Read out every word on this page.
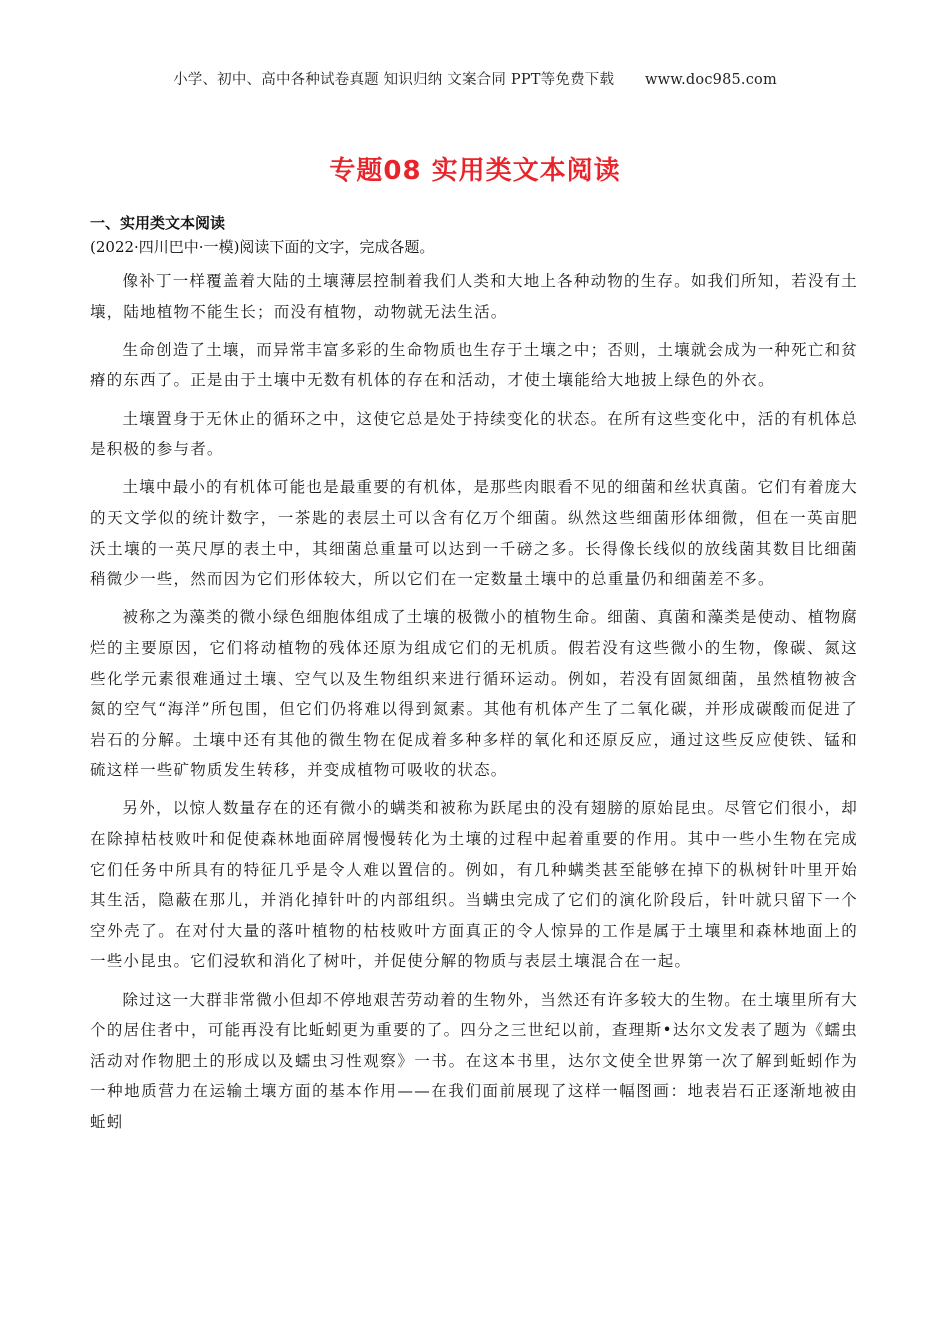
小学、初中、高中各种试卷真题 知识归纳 文案合同 PPT等免费下载 www.doc985.com
专题08 实用类文本阅读
一、实用类文本阅读
(2022·四川巴中·一模)阅读下面的文字，完成各题。

像补丁一样覆盖着大陆的土壤薄层控制着我们人类和大地上各种动物的生存。如我们所知，若没有土壤，陆地植物不能生长；而没有植物，动物就无法生活。

生命创造了土壤，而异常丰富多彩的生命物质也生存于土壤之中；否则，土壤就会成为一种死亡和贫瘠的东西了。正是由于土壤中无数有机体的存在和活动，才使土壤能给大地披上绿色的外衣。

土壤置身于无休止的循环之中，这使它总是处于持续变化的状态。在所有这些变化中，活的有机体总是积极的参与者。

土壤中最小的有机体可能也是最重要的有机体，是那些肉眼看不见的细菌和丝状真菌。它们有着庞大的天文学似的统计数字，一茶匙的表层土可以含有亿万个细菌。纵然这些细菌形体细微，但在一英亩肥沃土壤的一英尺厚的表土中，其细菌总重量可以达到一千磅之多。长得像长线似的放线菌其数目比细菌稍微少一些，然而因为它们形体较大，所以它们在一定数量土壤中的总重量仍和细菌差不多。

被称之为藻类的微小绿色细胞体组成了土壤的极微小的植物生命。细菌、真菌和藻类是使动、植物腐烂的主要原因，它们将动植物的残体还原为组成它们的无机质。假若没有这些微小的生物，像碳、氮这些化学元素很难通过土壤、空气以及生物组织来进行循环运动。例如，若没有固氮细菌，虽然植物被含氮的空气“海洋”所包围，但它们仍将难以得到氮素。其他有机体产生了二氧化碳，并形成碳酸而促进了岩石的分解。土壤中还有其他的微生物在促成着多种多样的氧化和还原反应，通过这些反应使铁、锰和硫这样一些矿物质发生转移，并变成植物可吸收的状态。

另外，以惊人数量存在的还有微小的螨类和被称为跃尾虫的没有翅膀的原始昆虫。尽管它们很小，却在除掉枯枝败叶和促使森林地面碎屑慢慢转化为土壤的过程中起着重要的作用。其中一些小生物在完成它们任务中所具有的特征几乎是令人难以置信的。例如，有几种螨类甚至能够在掉下的枞树针叶里开始其生活，隐蔽在那儿，并消化掉针叶的内部组织。当螨虫完成了它们的演化阶段后，针叶就只留下一个空外壳了。在对付大量的落叶植物的枯枝败叶方面真正的令人惊异的工作是属于土壤里和森林地面上的一些小昆虫。它们浸软和消化了树叶，并促使分解的物质与表层土壤混合在一起。

除过这一大群非常微小但却不停地艰苦劳动着的生物外，当然还有许多较大的生物。在土壤里所有大个的居住者中，可能再没有比蚯蚓更为重要的了。四分之三世纪以前，查理斯•达尔文发表了题为《蠕虫活动对作物肥土的形成以及蠕虫习性观察》一书。在这本书里，达尔文使全世界第一次了解到蚯蚓作为一种地质营力在运输土壤方面的基本作用——在我们面前展现了这样一幅图画：地表岩石正逐渐地被由蚯蚓
